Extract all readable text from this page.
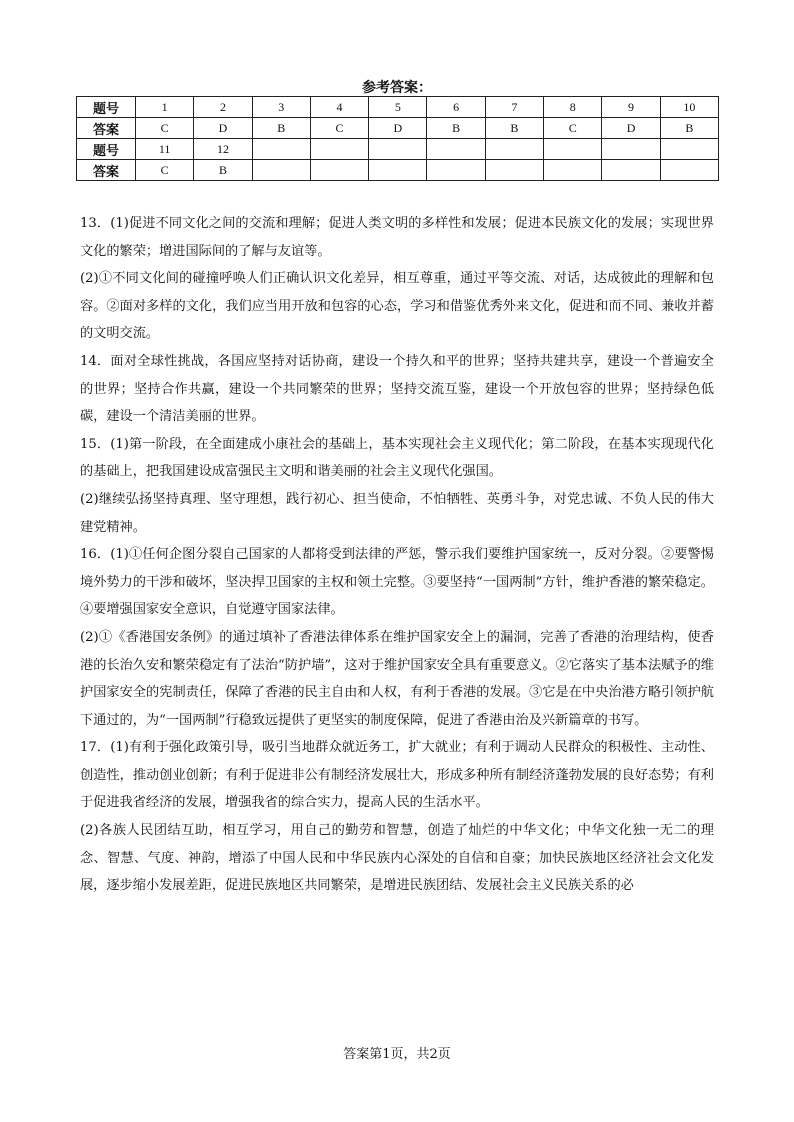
参考答案：
题号	1	2	3	4	5	6	7	8	9	10
答案	C	D	B	C	D	B	B	C	D	B
题号	11	12								
答案	C	B								

13．(1)促进不同文化之间的交流和理解；促进人类文明的多样性和发展；促进本民族文化的发展；实现世界文化的繁荣；增进国际间的了解与友谊等。

(2)①不同文化间的碰撞呼唤人们正确认识文化差异，相互尊重，通过平等交流、对话，达成彼此的理解和包容。②面对多样的文化，我们应当用开放和包容的心态，学习和借鉴优秀外来文化，促进和而不同、兼收并蓄的文明交流。

14．面对全球性挑战，各国应坚持对话协商，建设一个持久和平的世界；坚持共建共享，建设一个普遍安全的世界；坚持合作共赢，建设一个共同繁荣的世界；坚持交流互鉴，建设一个开放包容的世界；坚持绿色低碳，建设一个清洁美丽的世界。

15．(1)第一阶段，在全面建成小康社会的基础上，基本实现社会主义现代化；第二阶段，在基本实现现代化的基础上，把我国建设成富强民主文明和谐美丽的社会主义现代化强国。

(2)继续弘扬坚持真理、坚守理想，践行初心、担当使命，不怕牺牲、英勇斗争，对党忠诚、不负人民的伟大建党精神。

16．(1)①任何企图分裂自己国家的人都将受到法律的严惩，警示我们要维护国家统一，反对分裂。②要警惕境外势力的干涉和破坏，坚决捍卫国家的主权和领土完整。③要坚持“一国两制”方针，维护香港的繁荣稳定。④要增强国家安全意识，自觉遵守国家法律。

(2)①《香港国安条例》的通过填补了香港法律体系在维护国家安全上的漏洞，完善了香港的治理结构，使香港的长治久安和繁荣稳定有了法治“防护墙”，这对于维护国家安全具有重要意义。②它落实了基本法赋予的维护国家安全的宪制责任，保障了香港的民主自由和人权，有利于香港的发展。③它是在中央治港方略引领护航下通过的，为“一国两制”行稳致远提供了更坚实的制度保障，促进了香港由治及兴新篇章的书写。

17．(1)有利于强化政策引导，吸引当地群众就近务工，扩大就业；有利于调动人民群众的积极性、主动性、创造性，推动创业创新；有利于促进非公有制经济发展壮大，形成多种所有制经济蓬勃发展的良好态势；有利于促进我省经济的发展，增强我省的综合实力，提高人民的生活水平。

(2)各族人民团结互助，相互学习，用自己的勤劳和智慧，创造了灿烂的中华文化；中华文化独一无二的理念、智慧、气度、神韵，增添了中国人民和中华民族内心深处的自信和自豪；加快民族地区经济社会文化发展，逐步缩小发展差距，促进民族地区共同繁荣，是增进民族团结、发展社会主义民族关系的必

答案第1页，共2页
